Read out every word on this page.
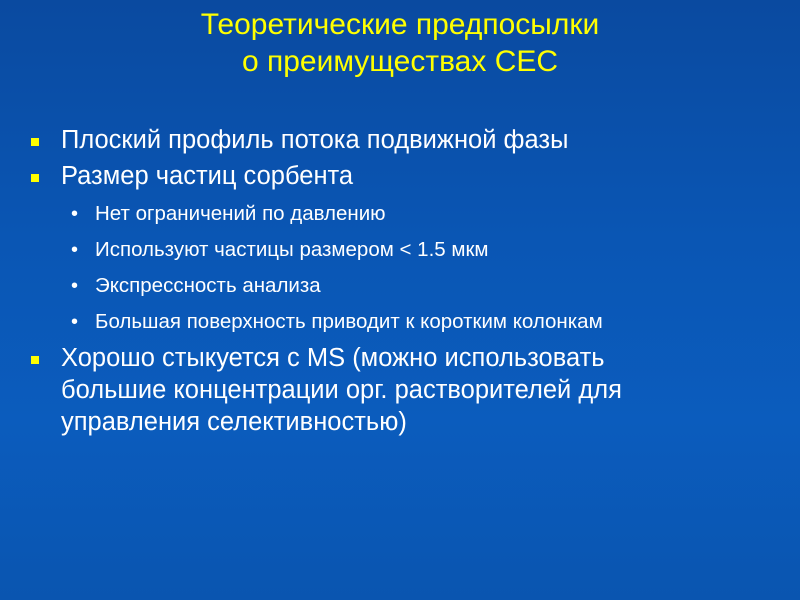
Теоретические предпосылки
о преимуществах CEC
Плоский профиль потока подвижной фазы
Размер частиц сорбента
• Нет ограничений по давлению
• Используют частицы размером < 1.5 мкм
• Экспрессность анализа
• Большая поверхность приводит к коротким колонкам
Хорошо стыкуется с MS (можно использовать
большие концентрации орг. растворителей для
управления селективностью)
